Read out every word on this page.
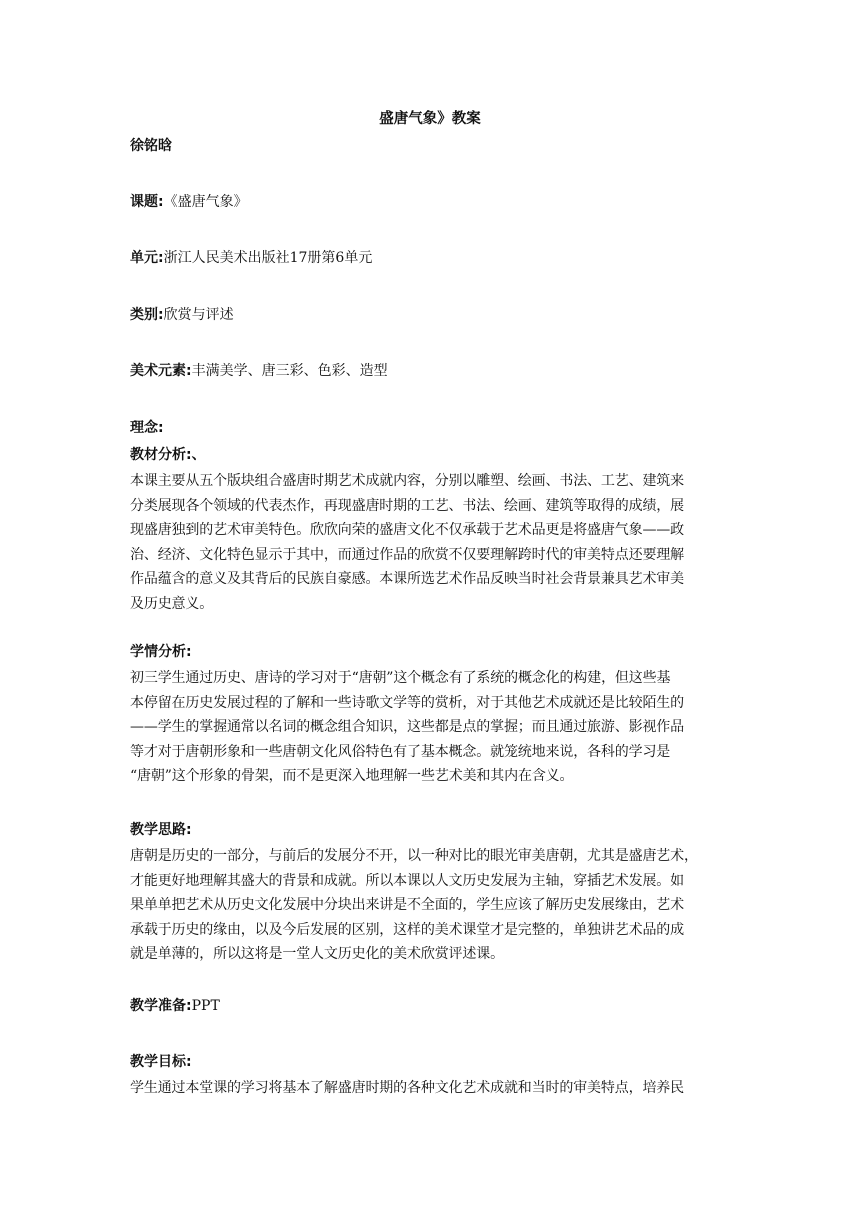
盛唐气象》教案
徐铭晗
课题:《盛唐气象》
单元:浙江人民美术出版社17册第6单元
类别:欣赏与评述
美术元素:丰满美学、唐三彩、色彩、造型
理念:
教材分析:、
本课主要从五个版块组合盛唐时期艺术成就内容，分别以雕塑、绘画、书法、工艺、建筑来
分类展现各个领域的代表杰作，再现盛唐时期的工艺、书法、绘画、建筑等取得的成绩，展
现盛唐独到的艺术审美特色。欣欣向荣的盛唐文化不仅承载于艺术品更是将盛唐气象——政
治、经济、文化特色显示于其中，而通过作品的欣赏不仅要理解跨时代的审美特点还要理解
作品蕴含的意义及其背后的民族自豪感。本课所选艺术作品反映当时社会背景兼具艺术审美
及历史意义。
学情分析:
初三学生通过历史、唐诗的学习对于“唐朝”这个概念有了系统的概念化的构建，但这些基
本停留在历史发展过程的了解和一些诗歌文学等的赏析，对于其他艺术成就还是比较陌生的
——学生的掌握通常以名词的概念组合知识，这些都是点的掌握；而且通过旅游、影视作品
等才对于唐朝形象和一些唐朝文化风俗特色有了基本概念。就笼统地来说，各科的学习是
“唐朝”这个形象的骨架，而不是更深入地理解一些艺术美和其内在含义。
教学思路:
唐朝是历史的一部分，与前后的发展分不开，以一种对比的眼光审美唐朝，尤其是盛唐艺术，
才能更好地理解其盛大的背景和成就。所以本课以人文历史发展为主轴，穿插艺术发展。如
果单单把艺术从历史文化发展中分块出来讲是不全面的，学生应该了解历史发展缘由，艺术
承载于历史的缘由，以及今后发展的区别，这样的美术课堂才是完整的，单独讲艺术品的成
就是单薄的，所以这将是一堂人文历史化的美术欣赏评述课。
教学准备:PPT
教学目标:
学生通过本堂课的学习将基本了解盛唐时期的各种文化艺术成就和当时的审美特点，培养民
